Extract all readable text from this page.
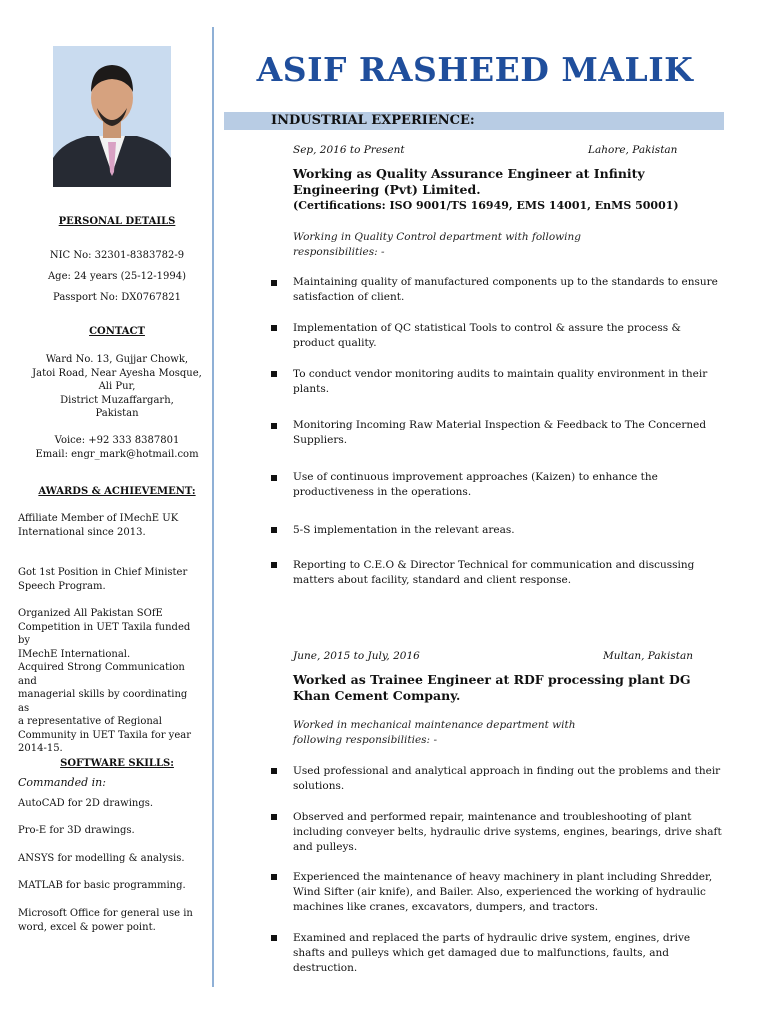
PERSONAL DETAILS
NIC No: 32301-8383782-9
Age: 24 years (25-12-1994)
Passport No: DX0767821
CONTACT
Ward No. 13, Gujjar Chowk,
Jatoi Road, Near Ayesha Mosque,
Ali Pur,
District Muzaffargarh,
Pakistan
Voice: +92 333 8387801
Email: engr_mark@hotmail.com
AWARDS & ACHIEVEMENT:
Affiliate Member of IMechE UK
International since 2013.
Got 1st Position in Chief Minister
Speech Program.
Organized All Pakistan SOfE
Competition in UET Taxila funded by
IMechE International.
Acquired Strong Communication and
managerial skills by coordinating as
a representative of Regional
Community in UET Taxila for year
2014-15.
SOFTWARE SKILLS:
Commanded in:
AutoCAD for 2D drawings.
Pro-E for 3D drawings.
ANSYS for modelling & analysis.
MATLAB for basic programming.
Microsoft Office for general use in
word, excel & power point.
ASIF RASHEED MALIK
INDUSTRIAL EXPERIENCE:
Sep, 2016 to Present	Lahore, Pakistan
Working as Quality Assurance Engineer at Infinity Engineering (Pvt) Limited.
(Certifications: ISO 9001/TS 16949, EMS 14001, EnMS 50001)
Working in Quality Control department with following responsibilities: -
Maintaining quality of manufactured components up to the standards to ensure satisfaction of client.
Implementation of QC statistical Tools to control & assure the process & product quality.
To conduct vendor monitoring audits to maintain quality environment in their plants.
Monitoring Incoming Raw Material Inspection & Feedback to The Concerned Suppliers.
Use of continuous improvement approaches (Kaizen) to enhance the productiveness in the operations.
5-S implementation in the relevant areas.
Reporting to C.E.O & Director Technical for communication and discussing matters about facility, standard and client response.
June, 2015 to July, 2016	Multan, Pakistan
Worked as Trainee Engineer at RDF processing plant DG Khan Cement Company.
Worked in mechanical maintenance department with following responsibilities: -
Used professional and analytical approach in finding out the problems and their solutions.
Observed and performed repair, maintenance and troubleshooting of plant including conveyer belts, hydraulic drive systems, engines, bearings, drive shaft and pulleys.
Experienced the maintenance of heavy machinery in plant including Shredder, Wind Sifter (air knife), and Bailer. Also, experienced the working of hydraulic machines like cranes, excavators, dumpers, and tractors.
Examined and replaced the parts of hydraulic drive system, engines, drive shafts and pulleys which get damaged due to malfunctions, faults, and destruction.
